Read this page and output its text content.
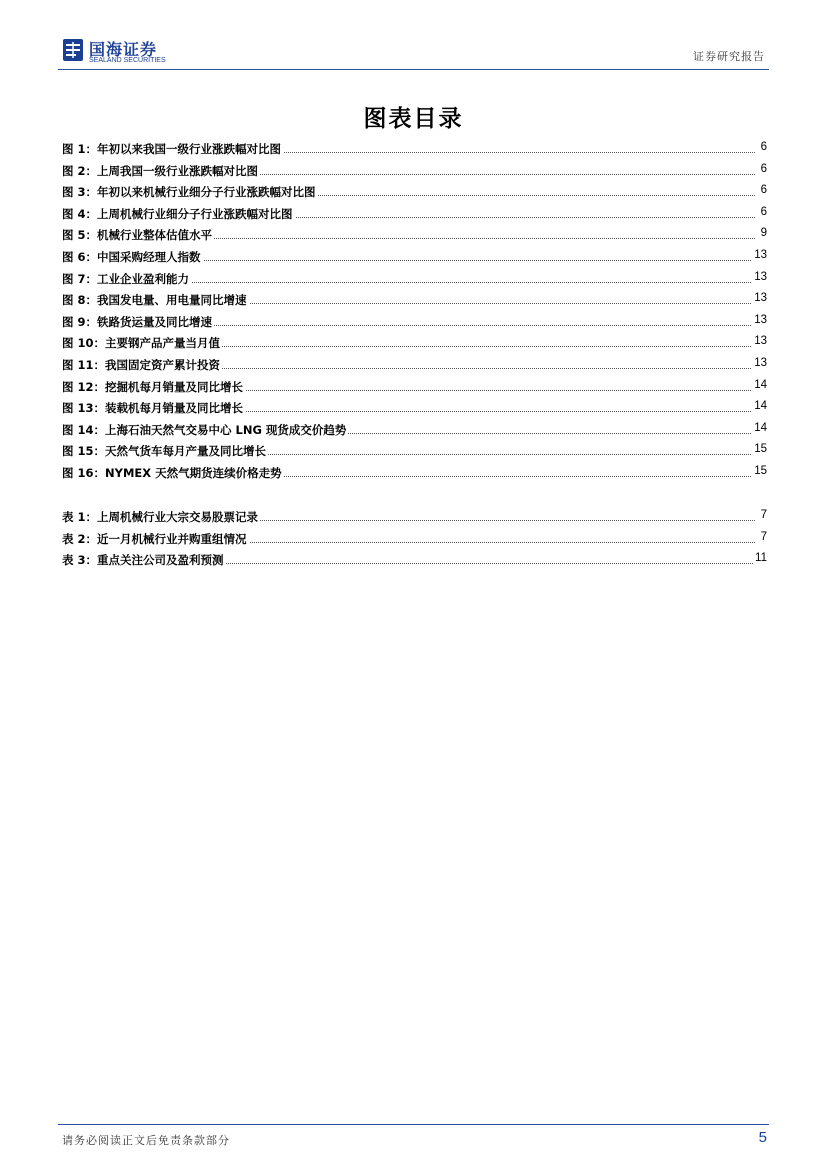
国海证券
SEALAND SECURITIES	证券研究报告
图表目录
图 1：年初以来我国一级行业涨跌幅对比图	6
图 2：上周我国一级行业涨跌幅对比图	6
图 3：年初以来机械行业细分子行业涨跌幅对比图	6
图 4：上周机械行业细分子行业涨跌幅对比图	6
图 5：机械行业整体估值水平	9
图 6：中国采购经理人指数	13
图 7：工业企业盈利能力	13
图 8：我国发电量、用电量同比增速	13
图 9：铁路货运量及同比增速	13
图 10：主要钢产品产量当月值	13
图 11：我国固定资产累计投资	13
图 12：挖掘机每月销量及同比增长	14
图 13：装载机每月销量及同比增长	14
图 14：上海石油天然气交易中心 LNG 现货成交价趋势	14
图 15：天然气货车每月产量及同比增长	15
图 16：NYMEX 天然气期货连续价格走势	15
表 1：上周机械行业大宗交易股票记录	7
表 2：近一月机械行业并购重组情况	7
表 3：重点关注公司及盈利预测	11
请务必阅读正文后免责条款部分	5
